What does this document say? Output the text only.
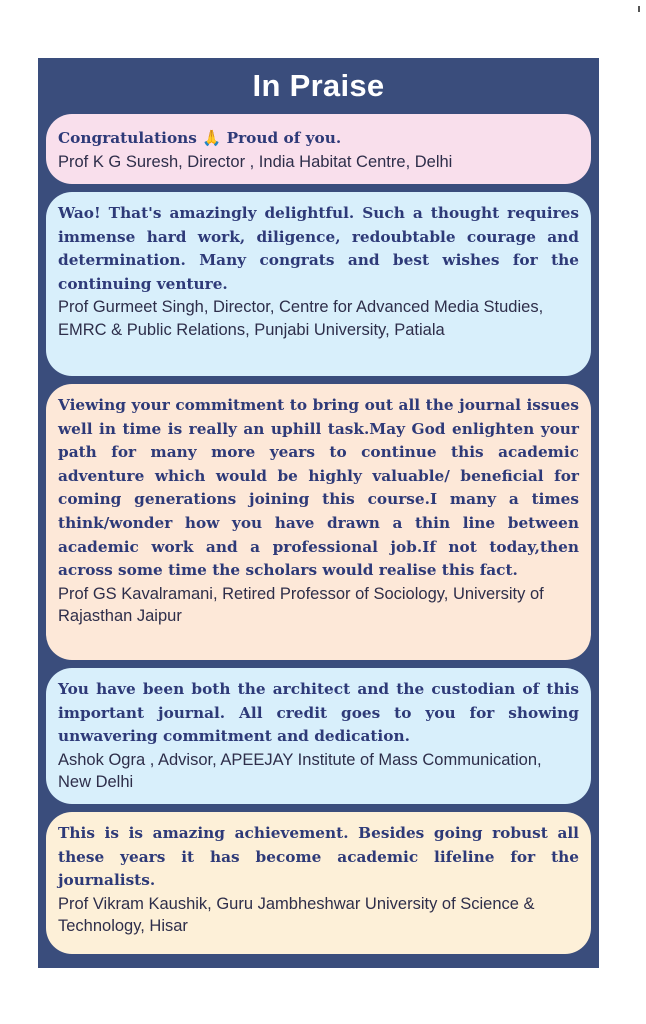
In Praise
Congratulations 🙏 Proud of you.
Prof K G Suresh, Director , India Habitat Centre, Delhi
Wao! That's amazingly delightful. Such a thought requires immense hard work, diligence, redoubtable courage and determination. Many congrats and best wishes for the continuing venture.
Prof Gurmeet Singh, Director, Centre for Advanced Media Studies, EMRC & Public Relations, Punjabi University, Patiala
Viewing your commitment to bring out all the journal issues well in time is really an uphill task.May God enlighten your path for many more years to continue this academic adventure which would be highly valuable/ beneficial for coming generations joining this course.I many a times think/wonder how you have drawn a thin line between academic work and a professional job.If not today,then across some time the scholars would realise this fact.
Prof GS Kavalramani, Retired Professor of Sociology, University of Rajasthan Jaipur
You have been both the architect and the custodian of this important journal. All credit goes to you for showing unwavering commitment and dedication.
Ashok Ogra , Advisor, APEEJAY Institute of Mass Communication, New Delhi
This is is amazing achievement. Besides going robust all these years it has become academic lifeline for the journalists.
Prof Vikram Kaushik, Guru Jambheshwar University of Science & Technology, Hisar
